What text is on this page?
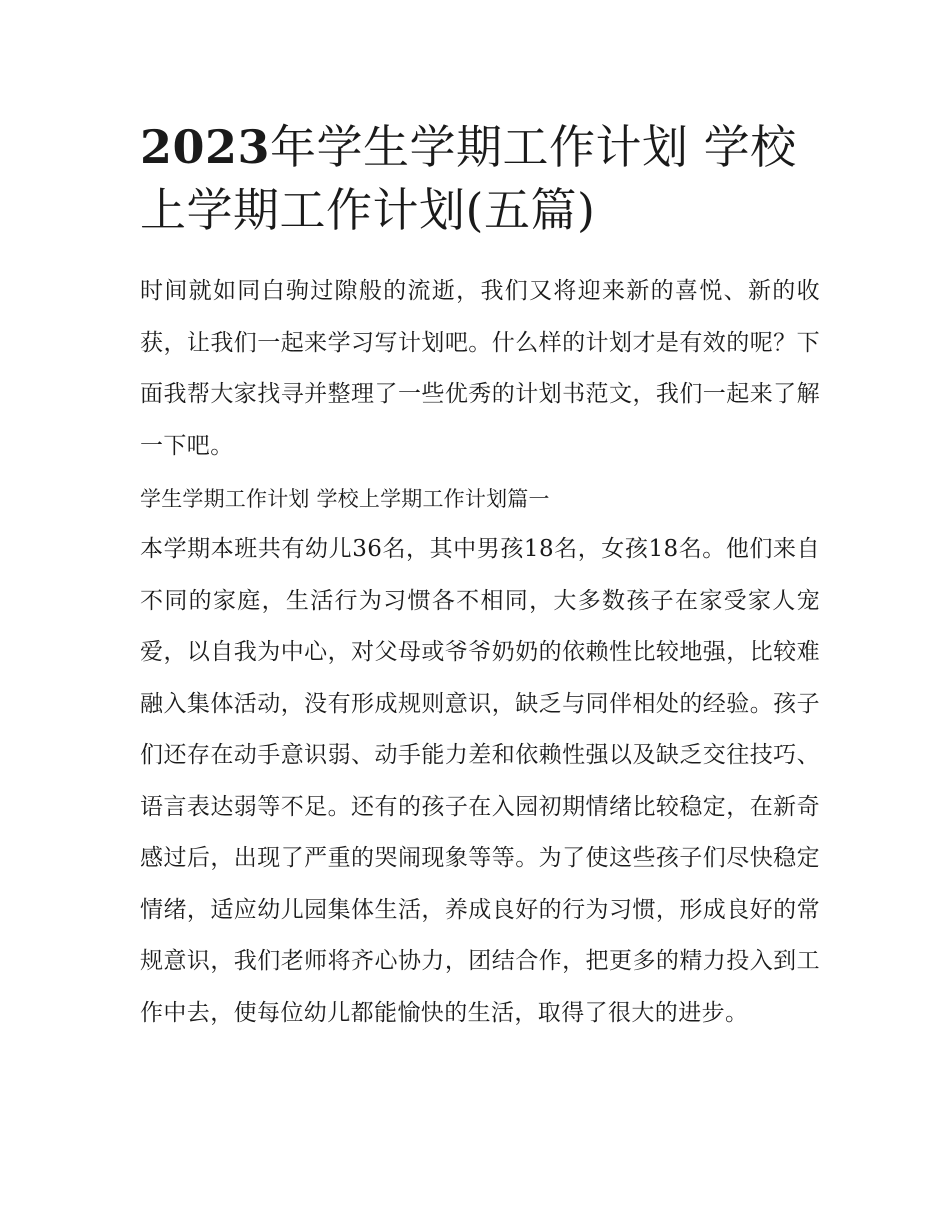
2023年学生学期工作计划 学校上学期工作计划(五篇)

时间就如同白驹过隙般的流逝，我们又将迎来新的喜悦、新的收获，让我们一起来学习写计划吧。什么样的计划才是有效的呢？下面我帮大家找寻并整理了一些优秀的计划书范文，我们一起来了解一下吧。

学生学期工作计划 学校上学期工作计划篇一

本学期本班共有幼儿36名，其中男孩18名，女孩18名。他们来自不同的家庭，生活行为习惯各不相同，大多数孩子在家受家人宠爱，以自我为中心，对父母或爷爷奶奶的依赖性比较地强，比较难融入集体活动，没有形成规则意识，缺乏与同伴相处的经验。孩子们还存在动手意识弱、动手能力差和依赖性强以及缺乏交往技巧、语言表达弱等不足。还有的孩子在入园初期情绪比较稳定，在新奇感过后，出现了严重的哭闹现象等等。为了使这些孩子们尽快稳定情绪，适应幼儿园集体生活，养成良好的行为习惯，形成良好的常规意识，我们老师将齐心协力，团结合作，把更多的精力投入到工作中去，使每位幼儿都能愉快的生活，取得了很大的进步。
